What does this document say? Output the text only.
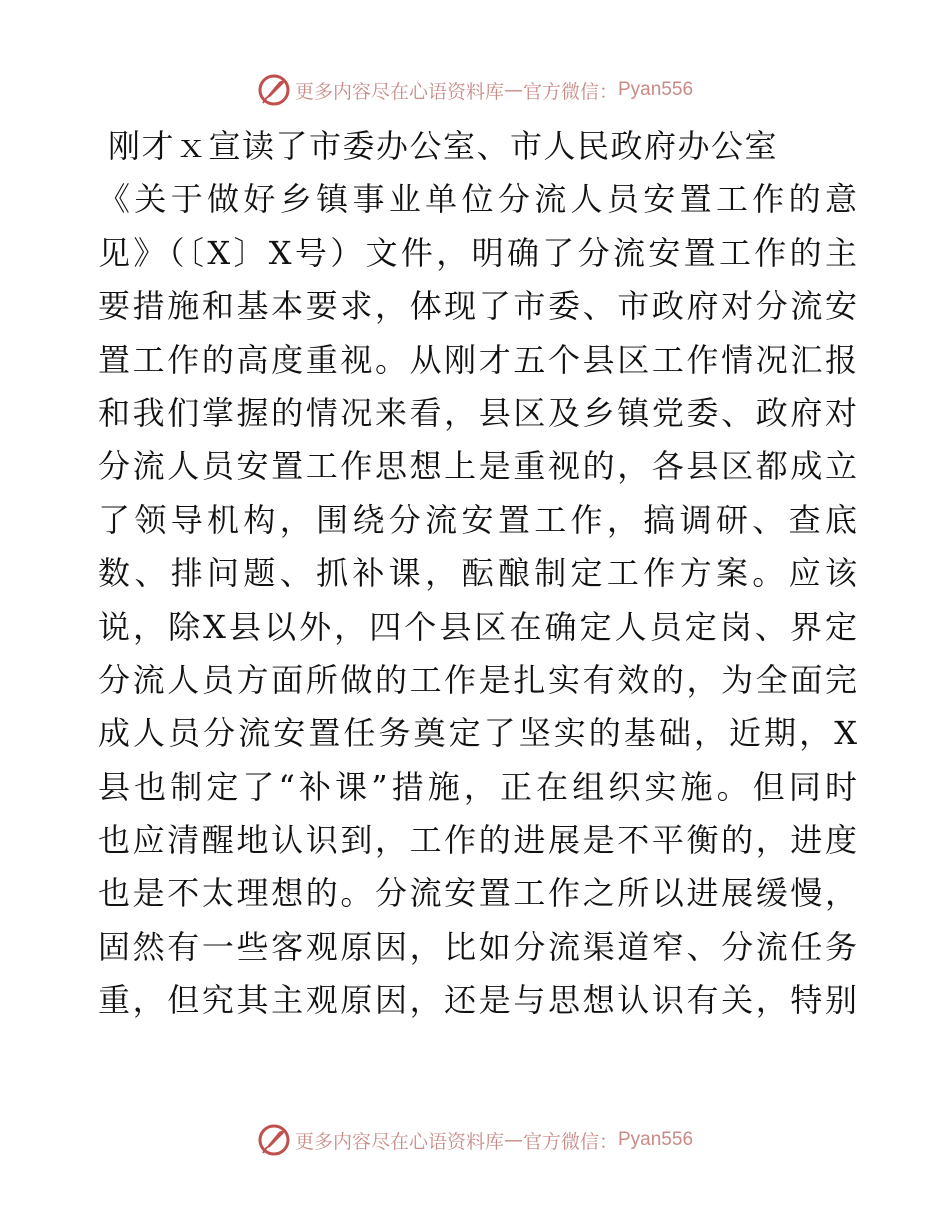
更多内容尽在心语资料库 — 官方微信： Pyan556
刚才ｘ宣读了市委办公室、市人民政府办公室
《关于做好乡镇事业单位分流人员安置工作的意
见》（〔X〕X号）文件，明确了分流安置工作的主
要措施和基本要求，体现了市委、市政府对分流安
置工作的高度重视。从刚才五个县区工作情况汇报
和我们掌握的情况来看，县区及乡镇党委、政府对
分流人员安置工作思想上是重视的，各县区都成立
了领导机构，围绕分流安置工作，搞调研、查底
数、排问题、抓补课，酝酿制定工作方案。应该
说，除X县以外，四个县区在确定人员定岗、界定
分流人员方面所做的工作是扎实有效的，为全面完
成人员分流安置任务奠定了坚实的基础，近期，X
县也制定了“补课”措施，正在组织实施。但同时
也应清醒地认识到，工作的进展是不平衡的，进度
也是不太理想的。分流安置工作之所以进展缓慢，
固然有一些客观原因，比如分流渠道窄、分流任务
重，但究其主观原因，还是与思想认识有关，特别
更多内容尽在心语资料库 — 官方微信： Pyan556
